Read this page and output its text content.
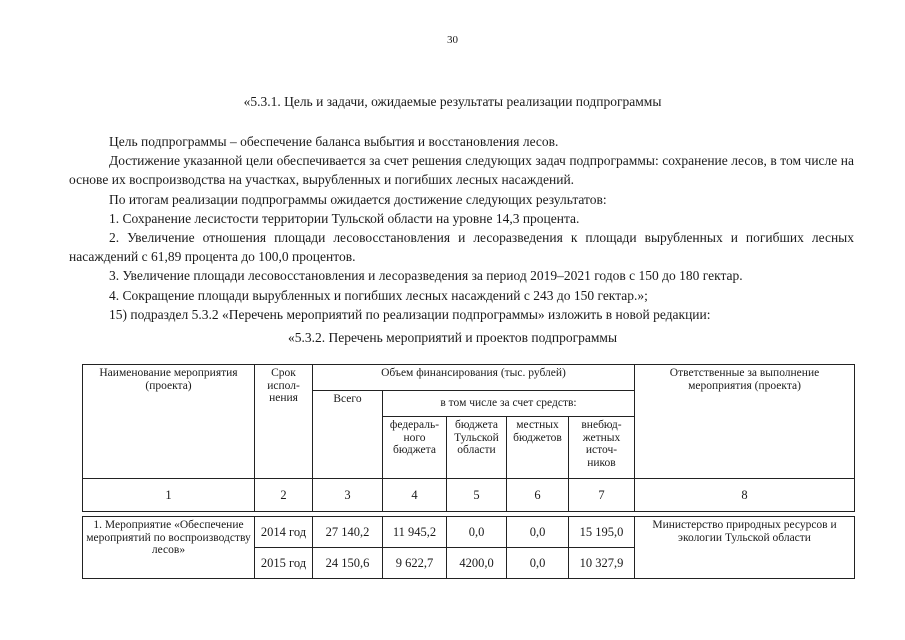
30
«5.3.1. Цель и задачи, ожидаемые результаты реализации подпрограммы

Цель подпрограммы – обеспечение баланса выбытия и восстановления лесов.

Достижение указанной цели обеспечивается за счет решения следующих задач подпрограммы: сохранение лесов, в том числе на основе их воспроизводства на участках, вырубленных и погибших лесных насаждений.

По итогам реализации подпрограммы ожидается достижение следующих результатов:

1. Сохранение лесистости территории Тульской области на уровне 14,3 процента.

2. Увеличение отношения площади лесовосстановления и лесоразведения к площади вырубленных и погибших лесных насаждений с 61,89 процента до 100,0 процентов.

3. Увеличение площади лесовосстановления и лесоразведения за период 2019–2021 годов с 150 до 180 гектар.

4. Сокращение площади вырубленных и погибших лесных насаждений с 243 до 150 гектар.»;

15) подраздел 5.3.2 «Перечень мероприятий по реализации подпрограммы» изложить в новой редакции:

«5.3.2. Перечень мероприятий и проектов подпрограммы
Наименование мероприятия (проекта)	Срок испол-нения	Объем финансирования (тыс. рублей)					Ответственные за выполнение мероприятия (проекта)
		Всего	в том числе за счет средств:				
			федераль-ного бюджета	бюджета Тульской области	местных бюджетов	внебюд-жетных источ-ников	
1	2	3	4	5	6	7	8

1. Мероприятие «Обеспечение мероприятий по воспроизводству лесов»	2014 год	27 140,2	11 945,2	0,0	0,0	15 195,0	Министерство природных ресурсов и экологии Тульской области
	2015 год	24 150,6	9 622,7	4200,0	0,0	10 327,9	
